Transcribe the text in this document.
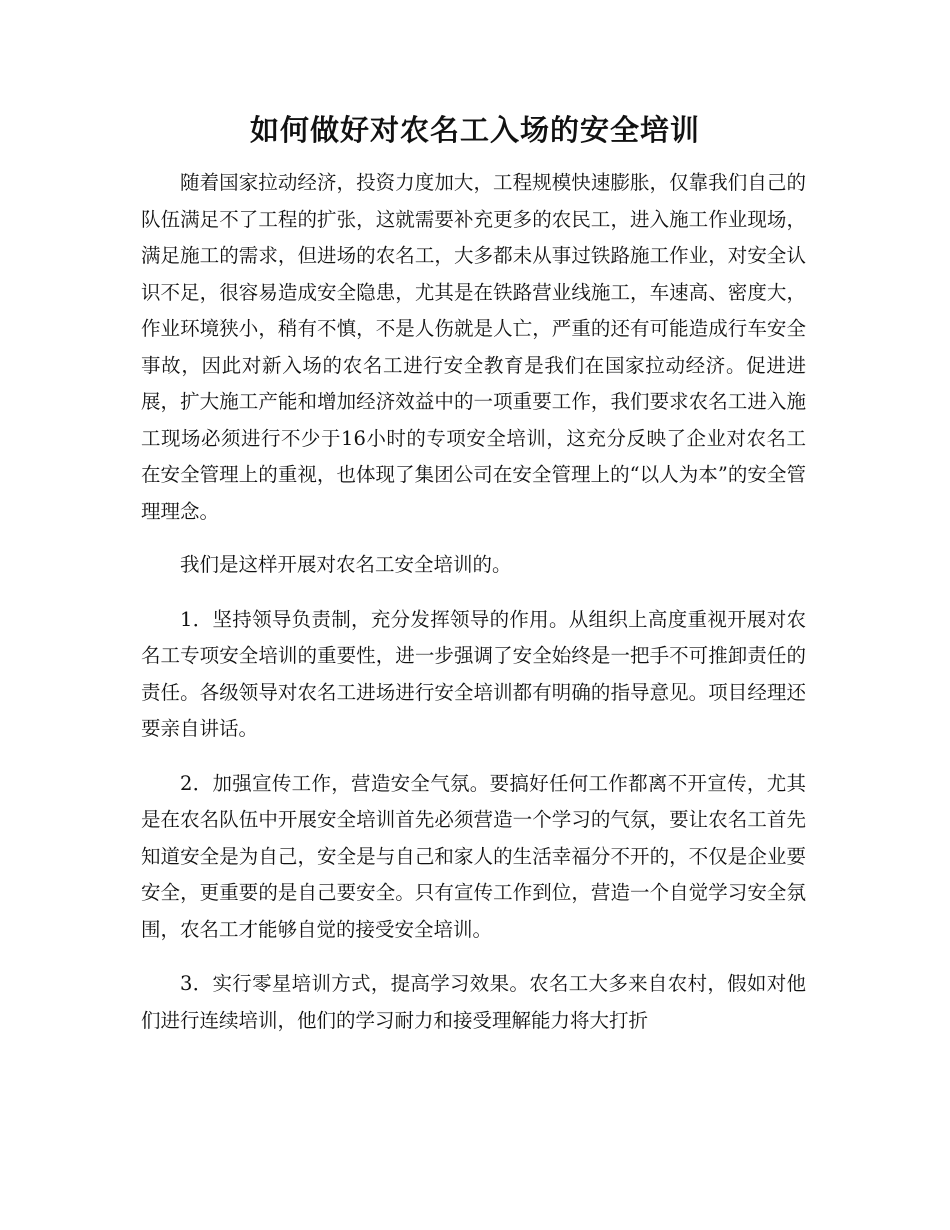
如何做好对农名工入场的安全培训

随着国家拉动经济，投资力度加大，工程规模快速膨胀，仅靠我们自己的队伍满足不了工程的扩张，这就需要补充更多的农民工，进入施工作业现场，满足施工的需求，但进场的农名工，大多都未从事过铁路施工作业，对安全认识不足，很容易造成安全隐患，尤其是在铁路营业线施工，车速高、密度大，作业环境狭小，稍有不慎，不是人伤就是人亡，严重的还有可能造成行车安全事故，因此对新入场的农名工进行安全教育是我们在国家拉动经济。促进进展，扩大施工产能和增加经济效益中的一项重要工作，我们要求农名工进入施工现场必须进行不少于16小时的专项安全培训，这充分反映了企业对农名工在安全管理上的重视，也体现了集团公司在安全管理上的“以人为本”的安全管理理念。

我们是这样开展对农名工安全培训的。

1．坚持领导负责制，充分发挥领导的作用。从组织上高度重视开展对农名工专项安全培训的重要性，进一步强调了安全始终是一把手不可推卸责任的责任。各级领导对农名工进场进行安全培训都有明确的指导意见。项目经理还要亲自讲话。

2．加强宣传工作，营造安全气氛。要搞好任何工作都离不开宣传，尤其是在农名队伍中开展安全培训首先必须营造一个学习的气氛，要让农名工首先知道安全是为自己，安全是与自己和家人的生活幸福分不开的，不仅是企业要安全，更重要的是自己要安全。只有宣传工作到位，营造一个自觉学习安全氛围，农名工才能够自觉的接受安全培训。

3．实行零星培训方式，提高学习效果。农名工大多来自农村，假如对他们进行连续培训，他们的学习耐力和接受理解能力将大打折
